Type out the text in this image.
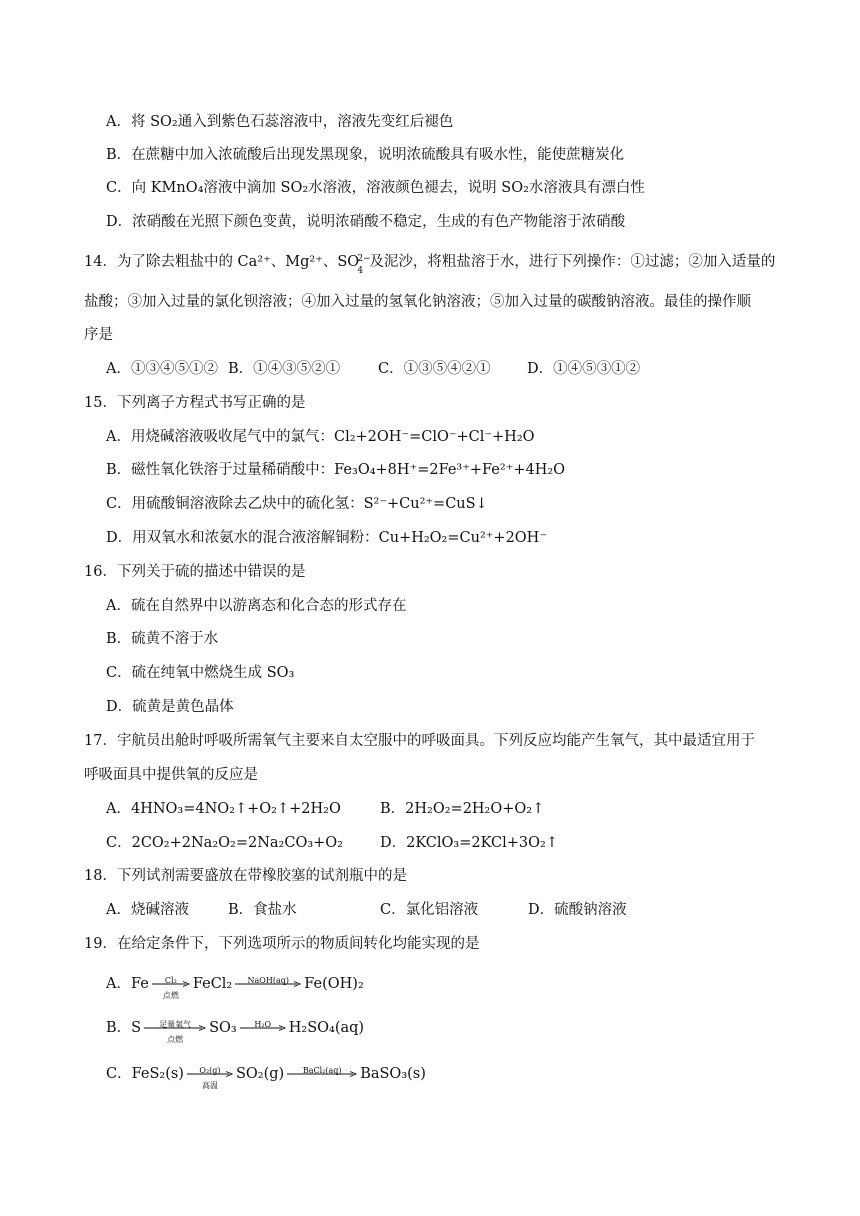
A．将 SO₂通入到紫色石蕊溶液中，溶液先变红后褪色
B．在蔗糖中加入浓硫酸后出现发黑现象，说明浓硫酸具有吸水性，能使蔗糖炭化
C．向 KMnO₄溶液中滴加 SO₂水溶液，溶液颜色褪去，说明 SO₂水溶液具有漂白性
D．浓硝酸在光照下颜色变黄，说明浓硝酸不稳定，生成的有色产物能溶于浓硝酸
14．为了除去粗盐中的 Ca²⁺、Mg²⁺、 SO
2−
4
及泥沙，将粗盐溶于水，进行下列操作：①过滤；②加入适量的
盐酸；③加入过量的氯化钡溶液；④加入过量的氢氧化钠溶液；⑤加入过量的碳酸钠溶液。最佳的操作顺
序是
A．①③④⑤①② B．①④③⑤②①	C．①③⑤④②①	D．①④⑤③①②
15．下列离子方程式书写正确的是
A．用烧碱溶液吸收尾气中的氯气：Cl₂+2OH⁻=ClO⁻+Cl⁻+H₂O
B．磁性氧化铁溶于过量稀硝酸中：Fe₃O₄+8H⁺=2Fe³⁺+Fe²⁺+4H₂O
C．用硫酸铜溶液除去乙炔中的硫化氢：S²⁻+Cu²⁺=CuS↓
D．用双氧水和浓氨水的混合液溶解铜粉：Cu+H₂O₂=Cu²⁺+2OH⁻
16．下列关于硫的描述中错误的是
A．硫在自然界中以游离态和化合态的形式存在
B．硫黄不溶于水
C．硫在纯氧中燃烧生成 SO₃
D．硫黄是黄色晶体
17．宇航员出舱时呼吸所需氧气主要来自太空服中的呼吸面具。下列反应均能产生氧气，其中最适宜用于
呼吸面具中提供氧的反应是
A．4HNO₃=4NO₂↑+O₂↑+2H₂O	B．2H₂O₂=2H₂O+O₂↑
C．2CO₂+2Na₂O₂=2Na₂CO₃+O₂	D．2KClO₃=2KCl+3O₂↑
18．下列试剂需要盛放在带橡胶塞的试剂瓶中的是
A．烧碱溶液	B．食盐水	C．氯化铝溶液	D．硫酸钠溶液
19．在给定条件下，下列选项所示的物质间转化均能实现的是
A．Fe	Cl₂
点燃
FeCl₂	NaOH(aq)	Fe(OH)₂
B．S	足量氧气
点燃
SO₃	H₂O	H₂SO₄(aq)
C．FeS₂(s)	O₂(g)
高温
SO₂(g)	BaCl₂(aq)	BaSO₃(s)
